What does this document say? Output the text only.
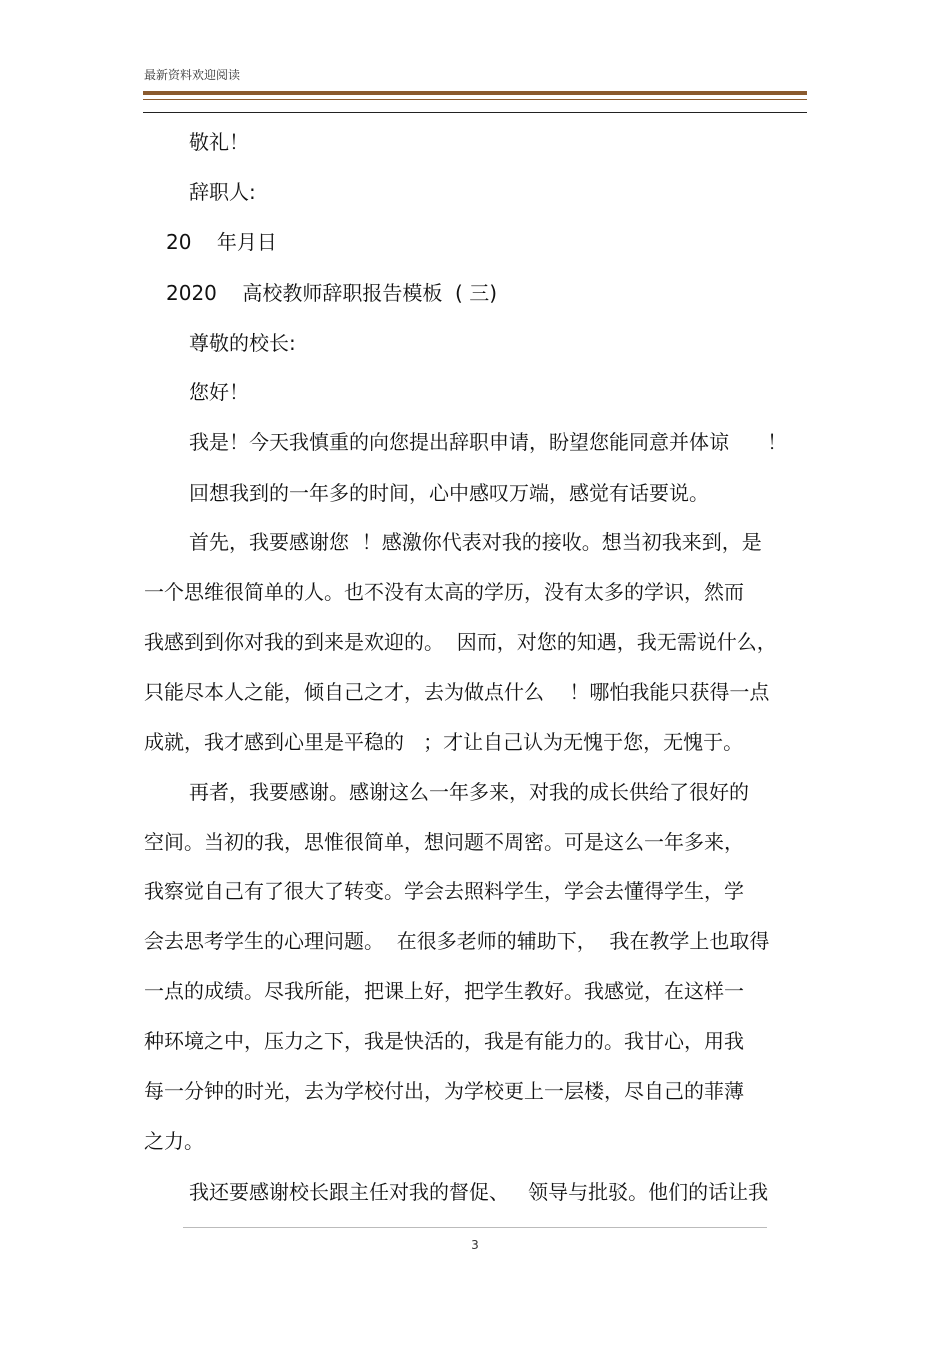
最新资料欢迎阅读
敬礼！
辞职人:
20    年月日
2020    高校教师辞职报告模板  ( 三)
尊敬的校长:
您好！
我是！今天我慎重的向您提出辞职申请，盼望您能同意并体谅      ！
回想我到的一年多的时间，心中感叹万端，感觉有话要说。
首先，我要感谢您  ！感激你代表对我的接收。想当初我来到，是
一个思维很简单的人。也不没有太高的学历，没有太多的学识，然而
我感到到你对我的到来是欢迎的。  因而，对您的知遇，我无需说什么，
只能尽本人之能，倾自己之才，去为做点什么    ！哪怕我能只获得一点
成就，我才感到心里是平稳的   ；才让自己认为无愧于您，无愧于。
再者，我要感谢。感谢这么一年多来，对我的成长供给了很好的
空间。当初的我，思惟很简单，想问题不周密。可是这么一年多来，
我察觉自己有了很大了转变。学会去照料学生，学会去懂得学生，学
会去思考学生的心理问题。  在很多老师的辅助下，  我在教学上也取得
一点的成绩。尽我所能，把课上好，把学生教好。我感觉，在这样一
种环境之中，压力之下，我是快活的，我是有能力的。我甘心，用我
每一分钟的时光，去为学校付出，为学校更上一层楼，尽自己的菲薄
之力。
我还要感谢校长跟主任对我的督促、   领导与批驳。他们的话让我
3
